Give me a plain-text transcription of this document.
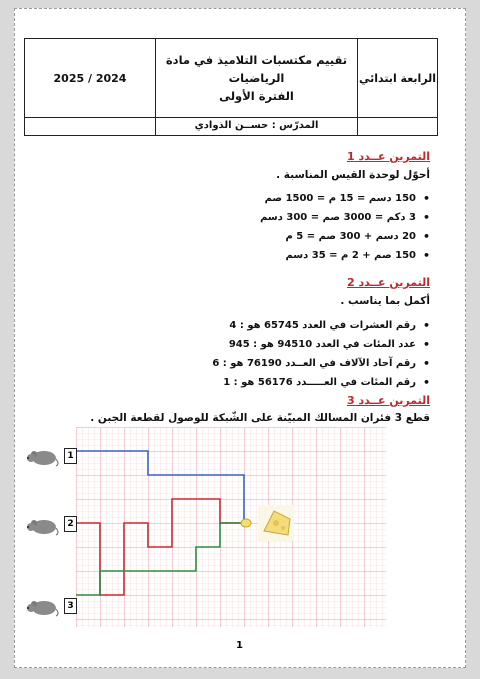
الرابعة ابتدائي
تقييم مكتسبات التلاميذ في مادة الرياضيات
الفترة الأولى
2025 / 2024
المدرّس : حســن الذوادي
التمرين عــدد 1
أحوّل لوحدة القيس المناسبة .
• 150 دسم = 15 م = 1500 صم
• 3 دكم = 3000 صم = 300 دسم
• 20 دسم + 300 صم = 5 م
• 150 صم + 2 م = 35 دسم
التمرين عــدد 2
أكمل بما يناسب .
• رقم العشرات في العدد 65745 هو : 4
• عدد المئات في العدد 94510 هو : 945
• رقم آحاد الآلاف في العــدد 76190 هو : 6
• رقم المئات في العـــــدد 56176 هو : 1
التمرين عــدد 3
قطع 3 فئران المسالك المبيّنة على الشّبكة للوصول لقطعة الجبن .
1
2
3
1
